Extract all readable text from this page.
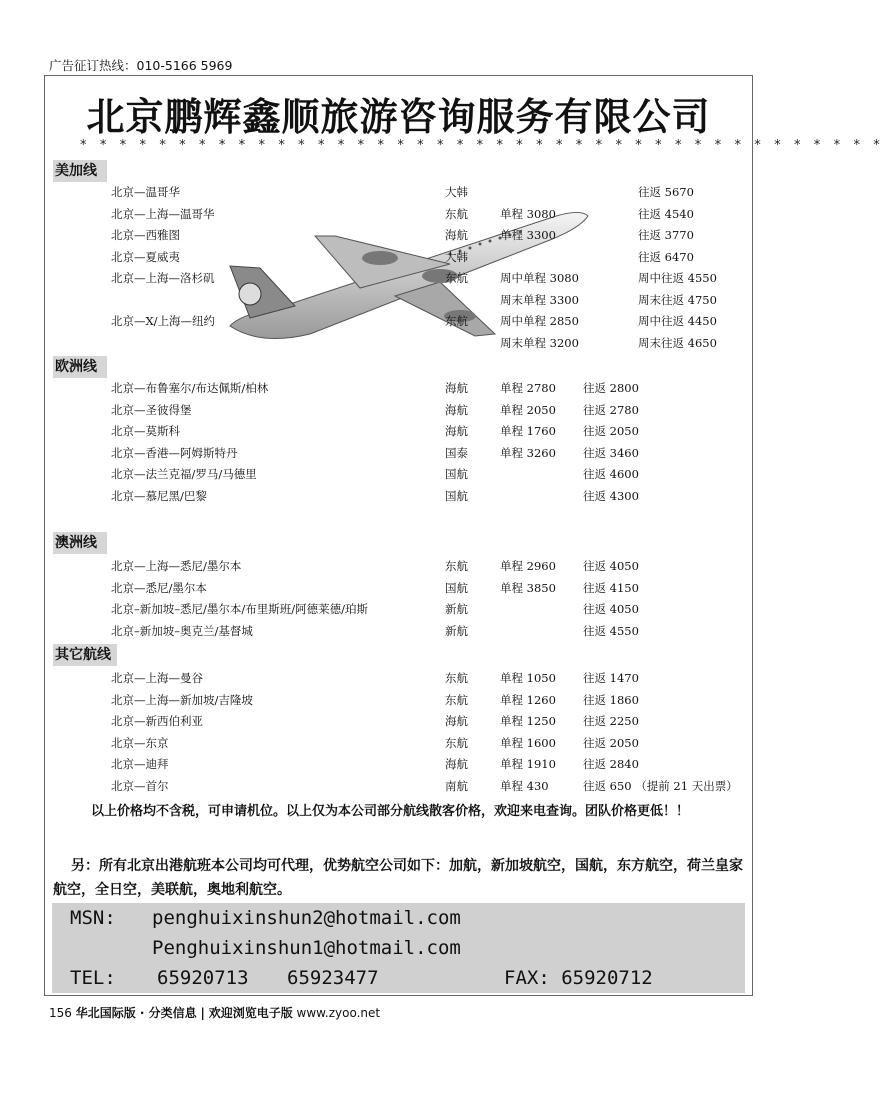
广告征订热线：010-5166 5969
北京鹏辉鑫顺旅游咨询服务有限公司
* * * * * * * * * * * * * * * * * * * * * * * * * * * * * * * * * * * * * * * * *
美加线
北京—温哥华	大韩	往返 5670
北京—上海—温哥华	东航	单程 3080	往返 4540
北京—西雅图	海航	单程 3300	往返 3770
北京—夏威夷	大韩	往返 6470
北京—上海—洛杉矶	东航	周中单程 3080	周中往返 4550
周末单程 3300	周末往返 4750
北京—X/上海—纽约	东航	周中单程 2850	周中往返 4450
周末单程 3200	周末往返 4650
欧洲线
北京—布鲁塞尔/布达佩斯/柏林	海航	单程 2780 往返 2800
北京—圣彼得堡	海航	单程 2050 往返 2780
北京—莫斯科	海航	单程 1760 往返 2050
北京—香港—阿姆斯特丹	国泰	单程 3260 往返 3460
北京—法兰克福/罗马/马德里	国航	往返 4600
北京—慕尼黑/巴黎	国航	往返 4300
澳洲线
北京—上海—悉尼/墨尔本	东航	单程 2960 往返 4050
北京—悉尼/墨尔本	国航	单程 3850 往返 4150
北京–新加坡–悉尼/墨尔本/布里斯班/阿德莱德/珀斯	新航	往返 4050
北京–新加坡–奥克兰/基督城	新航	往返 4550
其它航线
北京—上海—曼谷	东航	单程 1050 往返 1470
北京—上海—新加坡/吉隆坡	东航	单程 1260 往返 1860
北京—新西伯利亚	海航	单程 1250 往返 2250
北京—东京	东航	单程 1600 往返 2050
北京—迪拜	海航	单程 1910 往返 2840
北京—首尔	南航	单程 430	往返 650 （提前 21 天出票）
以上价格均不含税，可申请机位。以上仅为本公司部分航线散客价格，欢迎来电查询。团队价格更低！！
另：所有北京出港航班本公司均可代理，优势航空公司如下：加航，新加坡航空，国航，东方航空，荷兰皇家航空，全日空，美联航，奥地利航空。
MSN: penghuixinshun2@hotmail.com
Penghuixinshun1@hotmail.com
TEL: 65920713 65923477	FAX: 65920712
156 华北国际版 · 分类信息 | 欢迎浏览电子版 www.zyoo.net
